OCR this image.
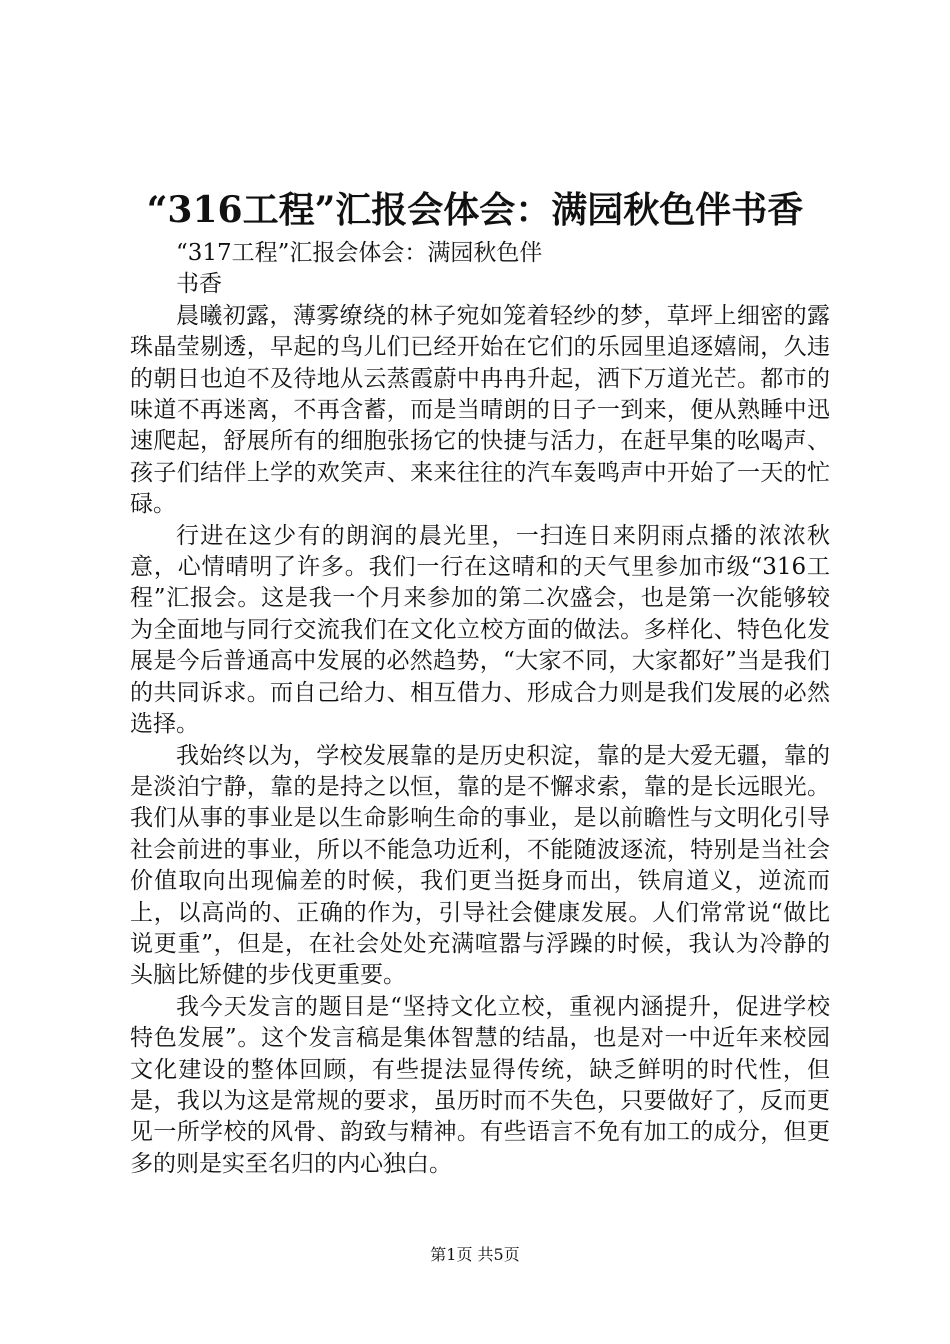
“316工程”汇报会体会：满园秋色伴书香
“317工程”汇报会体会：满园秋色伴
书香

晨曦初露，薄雾缭绕的林子宛如笼着轻纱的梦，草坪上细密的露珠晶莹剔透，早起的鸟儿们已经开始在它们的乐园里追逐嬉闹，久违的朝日也迫不及待地从云蒸霞蔚中冉冉升起，洒下万道光芒。都市的味道不再迷离，不再含蓄，而是当晴朗的日子一到来，便从熟睡中迅速爬起，舒展所有的细胞张扬它的快捷与活力，在赶早集的吆喝声、孩子们结伴上学的欢笑声、来来往往的汽车轰鸣声中开始了一天的忙碌。

行进在这少有的朗润的晨光里，一扫连日来阴雨点播的浓浓秋意，心情晴明了许多。我们一行在这晴和的天气里参加市级“316工程”汇报会。这是我一个月来参加的第二次盛会，也是第一次能够较为全面地与同行交流我们在文化立校方面的做法。多样化、特色化发展是今后普通高中发展的必然趋势，“大家不同，大家都好”当是我们的共同诉求。而自己给力、相互借力、形成合力则是我们发展的必然选择。

我始终以为，学校发展靠的是历史积淀，靠的是大爱无疆，靠的是淡泊宁静，靠的是持之以恒，靠的是不懈求索，靠的是长远眼光。我们从事的事业是以生命影响生命的事业，是以前瞻性与文明化引导社会前进的事业，所以不能急功近利，不能随波逐流，特别是当社会价值取向出现偏差的时候，我们更当挺身而出，铁肩道义，逆流而上，以高尚的、正确的作为，引导社会健康发展。人们常常说“做比说更重”，但是，在社会处处充满喧嚣与浮躁的时候，我认为冷静的头脑比矫健的步伐更重要。

我今天发言的题目是“坚持文化立校，重视内涵提升，促进学校特色发展”。这个发言稿是集体智慧的结晶，也是对一中近年来校园文化建设的整体回顾，有些提法显得传统，缺乏鲜明的时代性，但是，我以为这是常规的要求，虽历时而不失色，只要做好了，反而更见一所学校的风骨、韵致与精神。有些语言不免有加工的成分，但更多的则是实至名归的内心独白。

第1页 共5页
